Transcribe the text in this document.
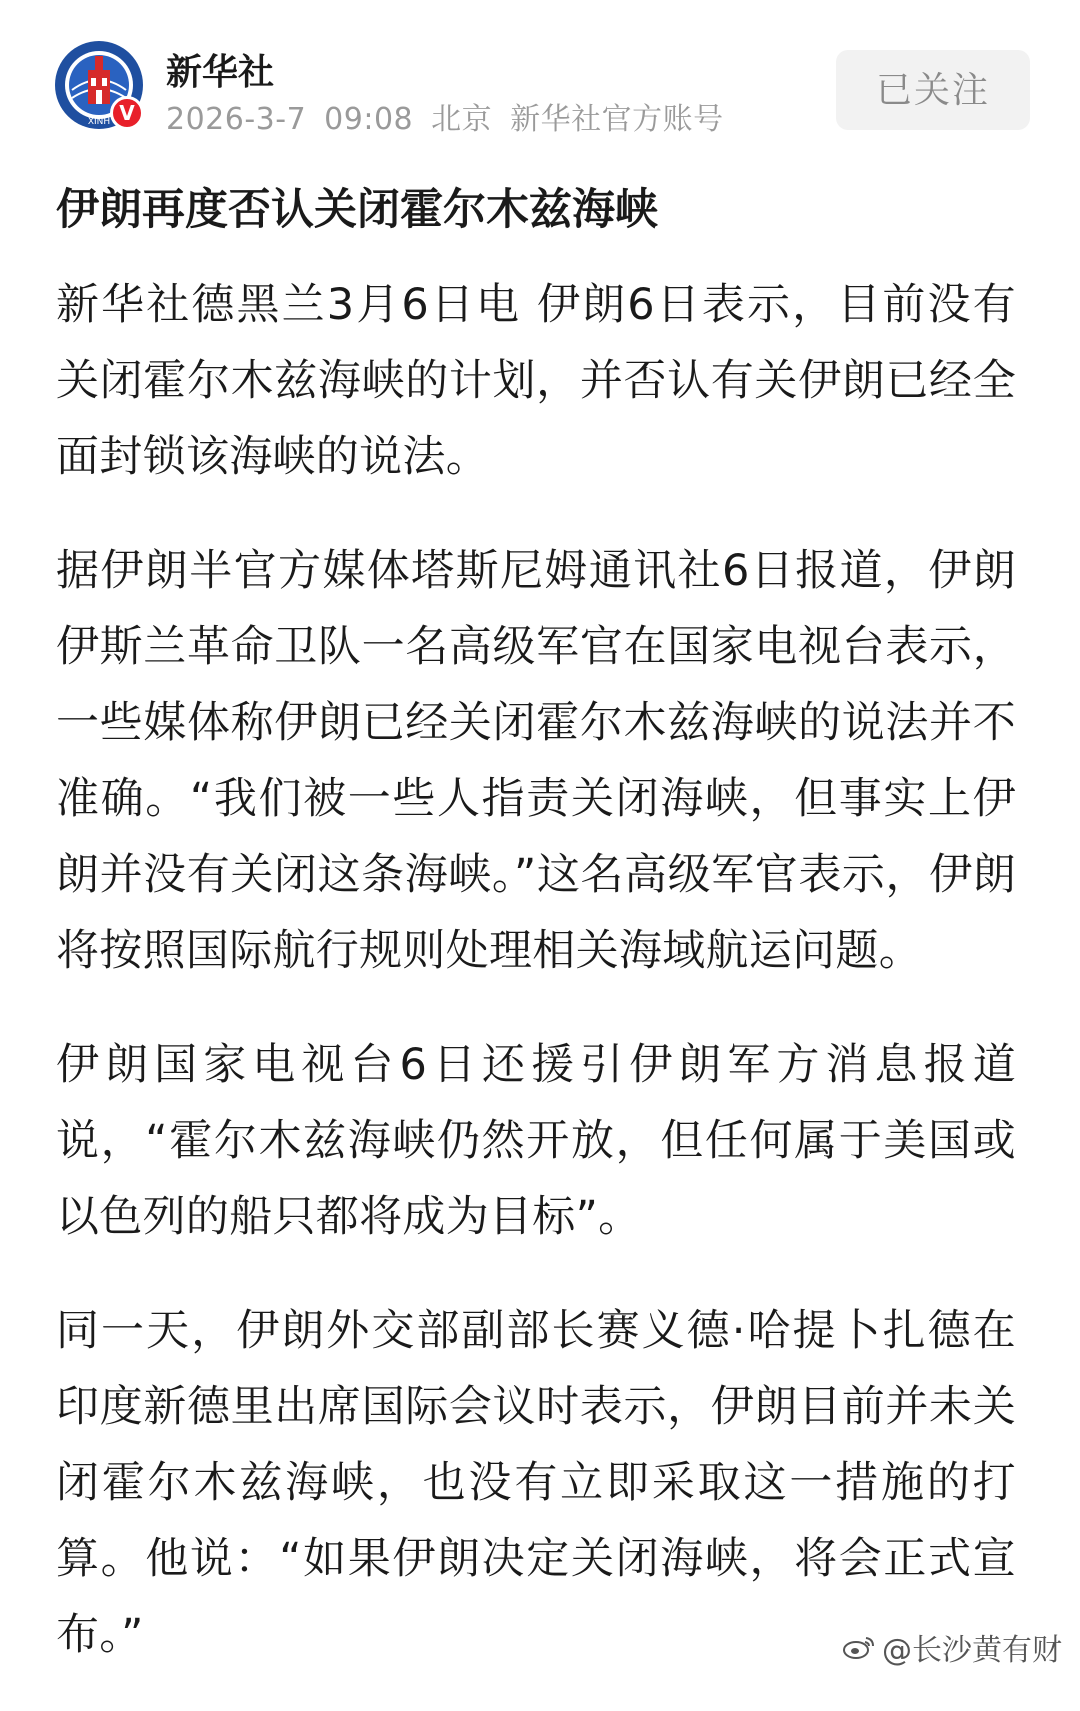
XINH V
新华社
2026-3-7 09:08 北京 新华社官方账号
已关注
伊朗再度否认关闭霍尔木兹海峡

新华社德黑兰3月6日电 伊朗6日表示，目前没有关闭霍尔木兹海峡的计划，并否认有关伊朗已经全面封锁该海峡的说法。

据伊朗半官方媒体塔斯尼姆通讯社6日报道，伊朗伊斯兰革命卫队一名高级军官在国家电视台表示，一些媒体称伊朗已经关闭霍尔木兹海峡的说法并不准确。“我们被一些人指责关闭海峡，但事实上伊朗并没有关闭这条海峡。”这名高级军官表示，伊朗将按照国际航行规则处理相关海域航运问题。

伊朗国家电视台6日还援引伊朗军方消息报道说，“霍尔木兹海峡仍然开放，但任何属于美国或以色列的船只都将成为目标”。

同一天，伊朗外交部副部长赛义德·哈提卜扎德在印度新德里出席国际会议时表示，伊朗目前并未关闭霍尔木兹海峡，也没有立即采取这一措施的打算。他说：“如果伊朗决定关闭海峡，将会正式宣布。”	@长沙黄有财
